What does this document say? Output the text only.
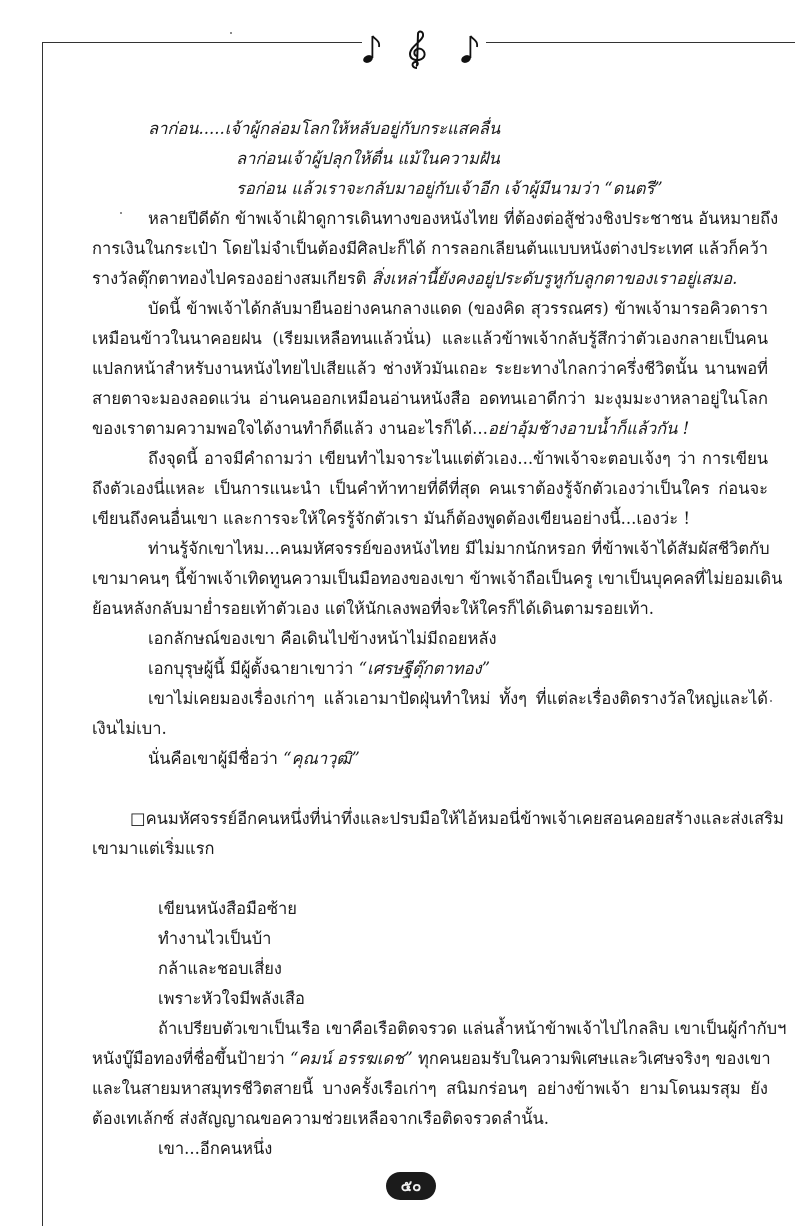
ลาก่อน.....เจ้าผู้กล่อมโลกให้หลับอยู่กับกระแสคลื่น
ลาก่อนเจ้าผู้ปลุกให้ตื่น แม้ในความฝัน
รอก่อน แล้วเราจะกลับมาอยู่กับเจ้าอีก เจ้าผู้มีนามว่า “ดนตรี”
หลายปีดีดัก ข้าพเจ้าเฝ้าดูการเดินทางของหนังไทย ที่ต้องต่อสู้ช่วงชิงประชาชน อันหมายถึง
การเงินในกระเป๋า โดยไม่จำเป็นต้องมีศิลปะก็ได้ การลอกเลียนต้นแบบหนังต่างประเทศ แล้วก็คว้า
รางวัลตุ๊กตาทองไปครองอย่างสมเกียรติ สิ่งเหล่านี้ยังคงอยู่ประดับรูหูกับลูกตาของเราอยู่เสมอ.
บัดนี้ ข้าพเจ้าได้กลับมายืนอย่างคนกลางแดด (ของคิด สุวรรณศร) ข้าพเจ้ามารอคิวดารา
เหมือนข้าวในนาคอยฝน (เรียมเหลือทนแล้วนั่น) และแล้วข้าพเจ้ากลับรู้สึกว่าตัวเองกลายเป็นคน
แปลกหน้าสำหรับงานหนังไทยไปเสียแล้ว ช่างหัวมันเถอะ ระยะทางไกลกว่าครึ่งชีวิตนั้น นานพอที่
สายตาจะมองลอดแว่น อ่านคนออกเหมือนอ่านหนังสือ อดทนเอาดีกว่า มะงุมมะงาหลาอยู่ในโลก
ของเราตามความพอใจได้งานทำก็ดีแล้ว งานอะไรก็ได้...อย่าอุ้มช้างอาบน้ำก็แล้วกัน !
ถึงจุดนี้ อาจมีคำถามว่า เขียนทำไมจาระไนแต่ตัวเอง...ข้าพเจ้าจะตอบเจ้งๆ ว่า การเขียน
ถึงตัวเองนี่แหละ เป็นการแนะนำ เป็นคำท้าทายที่ดีที่สุด คนเราต้องรู้จักตัวเองว่าเป็นใคร ก่อนจะ
เขียนถึงคนอื่นเขา และการจะให้ใครรู้จักตัวเรา มันก็ต้องพูดต้องเขียนอย่างนี้...เองว่ะ !
ท่านรู้จักเขาไหม...คนมหัศจรรย์ของหนังไทย มีไม่มากนักหรอก ที่ข้าพเจ้าได้สัมผัสชีวิตกับ
เขามาคนๆ นี้ข้าพเจ้าเทิดทูนความเป็นมือทองของเขา ข้าพเจ้าถือเป็นครู เขาเป็นบุคคลที่ไม่ยอมเดิน
ย้อนหลังกลับมาย่ำรอยเท้าตัวเอง แต่ให้นักเลงพอที่จะให้ใครก็ได้เดินตามรอยเท้า.
เอกลักษณ์ของเขา คือเดินไปข้างหน้าไม่มีถอยหลัง
เอกบุรุษผู้นี้ มีผู้ตั้งฉายาเขาว่า “เศรษฐีตุ๊กตาทอง”
เขาไม่เคยมองเรื่องเก่าๆ แล้วเอามาปัดฝุ่นทำใหม่ ทั้งๆ ที่แต่ละเรื่องติดรางวัลใหญ่และได้
เงินไม่เบา.
นั่นคือเขาผู้มีชื่อว่า “คุณาวุฒิ”
□คนมหัศจรรย์อีกคนหนึ่งที่น่าทึ่งและปรบมือให้ไอ้หมอนี่ข้าพเจ้าเคยสอนคอยสร้างและส่งเสริม
เขามาแต่เริ่มแรก
เขียนหนังสือมือซ้าย
ทำงานไวเป็นบ้า
กล้าและชอบเสี่ยง
เพราะหัวใจมีพลังเสือ
ถ้าเปรียบตัวเขาเป็นเรือ เขาคือเรือติดจรวด แล่นล้ำหน้าข้าพเจ้าไปไกลลิบ เขาเป็นผู้กำกับฯ
หนังบู๊มือทองที่ชื่อขึ้นป้ายว่า “คมน์ อรรฆเดช” ทุกคนยอมรับในความพิเศษและวิเศษจริงๆ ของเขา
และในสายมหาสมุทรชีวิตสายนี้ บางครั้งเรือเก่าๆ สนิมกร่อนๆ อย่างข้าพเจ้า ยามโดนมรสุม ยัง
ต้องเทเล้กซ์ ส่งสัญญาณขอความช่วยเหลือจากเรือติดจรวดลำนั้น.
เขา...อีกคนหนึ่ง
๕๐
